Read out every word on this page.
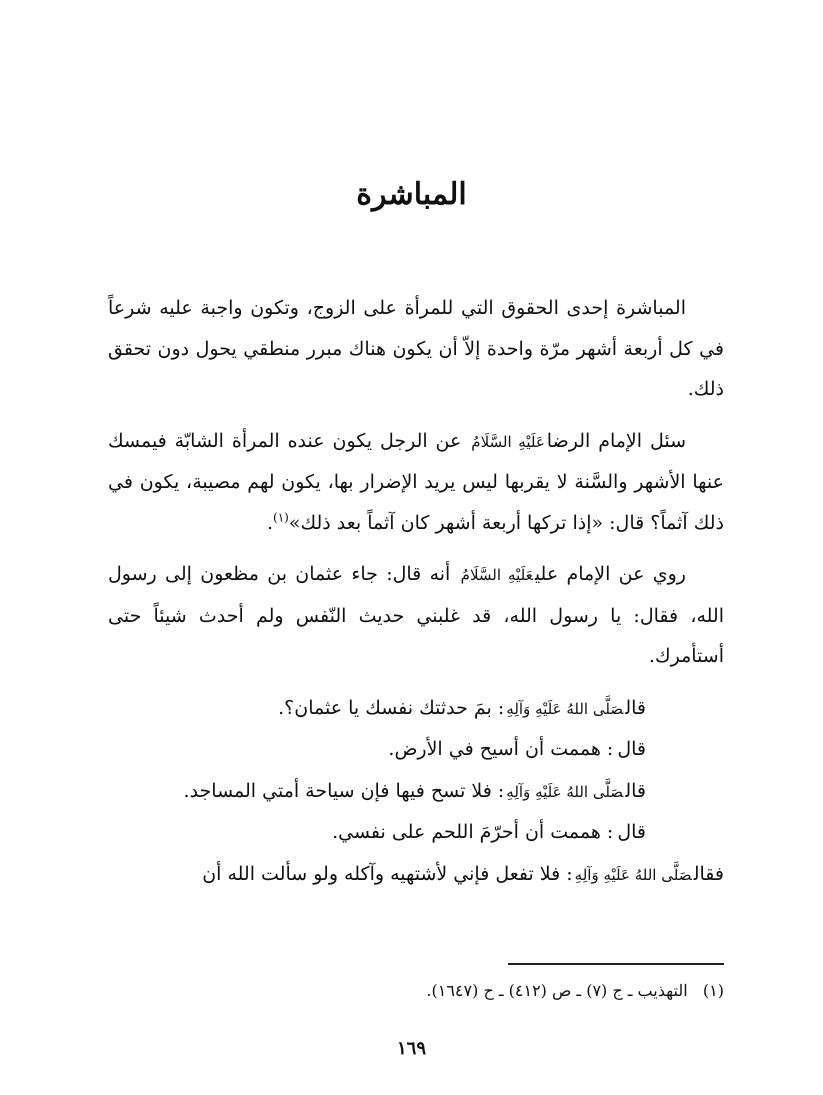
المباشرة

المباشرة إحدى الحقوق التي للمرأة على الزوج، وتكون واجبة عليه شرعاً في كل أربعة أشهر مرّة واحدة إلاّ أن يكون هناك مبرر منطقي يحول دون تحقق ذلك.

سئل الإمام الرضاعَلَيْهِ السَّلَامُ عن الرجل يكون عنده المرأة الشابّة فيمسك عنها الأشهر والسَّنة لا يقربها ليس يريد الإضرار بها، يكون لهم مصيبة، يكون في ذلك آثماً؟ قال: «إذا تركها أربعة أشهر كان آثماً بعد ذلك»$^{(١)}$.

روي عن الإمام عليعَلَيْهِ السَّلَامُ أنه قال: جاء عثمان بن مظعون إلى رسول الله، فقال: يا رسول الله، قد غلبني حديث النّفس ولم أحدث شيئاً حتى أستأمرك.

قالصَلَّى اللهُ عَلَيْهِ وَآلِهِ: بمَ حدثتك نفسك يا عثمان؟.

قال: هممت أن أسيح في الأرض.

قالصَلَّى اللهُ عَلَيْهِ وَآلِهِ: فلا تسح فيها فإن سياحة أمتي المساجد.

قال: هممت أن أحرّمَ اللحم على نفسي.

فقالصَلَّى اللهُ عَلَيْهِ وَآلِهِ: فلا تفعل فإني لأشتهيه وآكله ولو سألت الله أن

(١)   التهذيب ـ ج (٧) ـ ص (٤١٢) ـ ح (١٦٤٧).
١٦٩
